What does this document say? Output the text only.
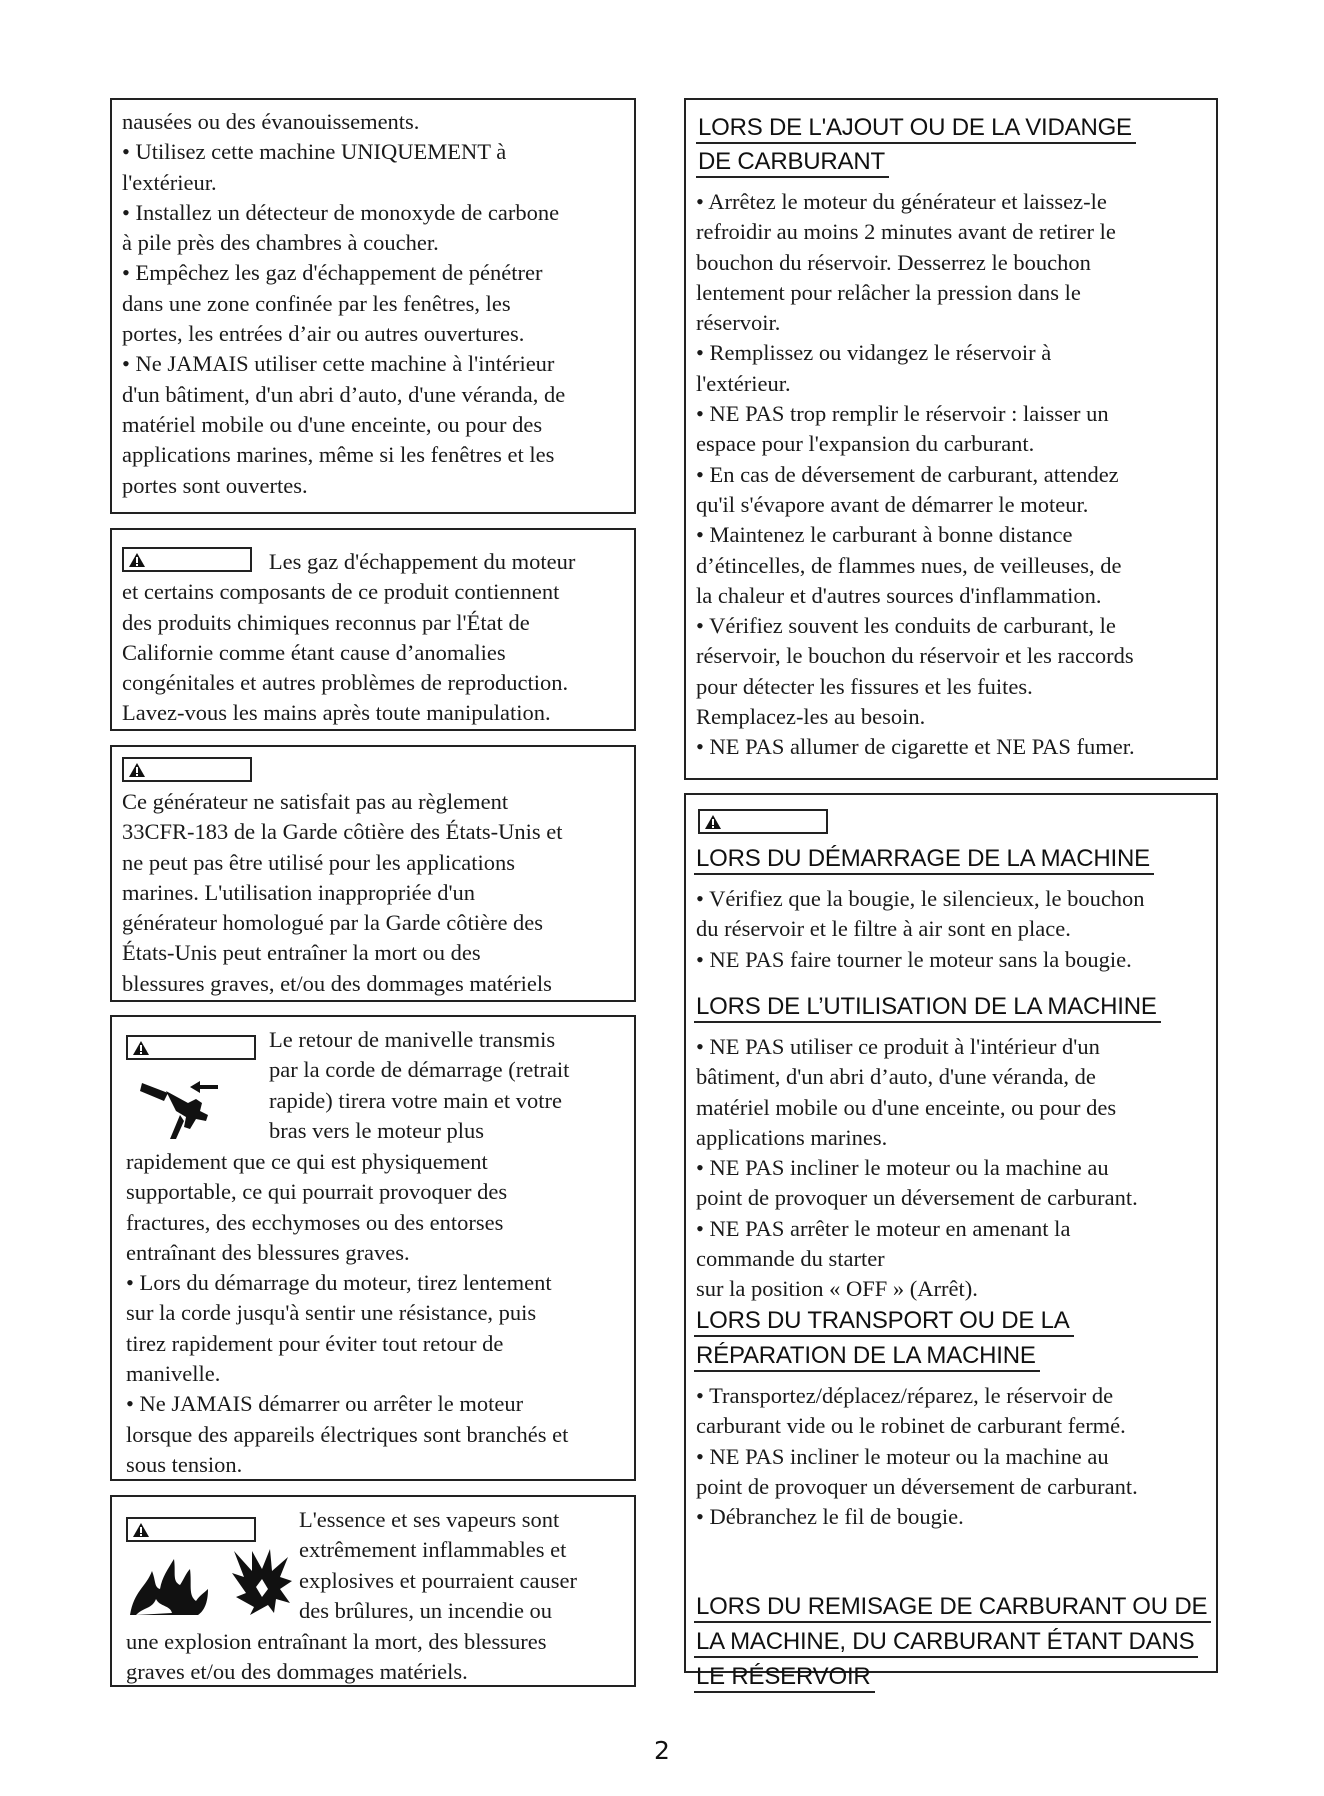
nausées ou des évanouissements.

• Utilisez cette machine UNIQUEMENT à

l'extérieur.

• Installez un détecteur de monoxyde de carbone

à pile près des chambres à coucher.

• Empêchez les gaz d'échappement de pénétrer

dans une zone confinée par les fenêtres, les

portes, les entrées d’air ou autres ouvertures.

• Ne JAMAIS utiliser cette machine à l'intérieur

d'un bâtiment, d'un abri d’auto, d'une véranda, de

matériel mobile ou d'une enceinte, ou pour des

applications marines, même si les fenêtres et les

portes sont ouvertes.

Les gaz d'échappement du moteur

et certains composants de ce produit contiennent

des produits chimiques reconnus par l'État de

Californie comme étant cause d’anomalies

congénitales et autres problèmes de reproduction.

Lavez-vous les mains après toute manipulation.

Ce générateur ne satisfait pas au règlement

33CFR-183 de la Garde côtière des États-Unis et

ne peut pas être utilisé pour les applications

marines. L'utilisation inappropriée d'un

générateur homologué par la Garde côtière des

États-Unis peut entraîner la mort ou des

blessures graves, et/ou des dommages matériels

Le retour de manivelle transmis

par la corde de démarrage (retrait

rapide) tirera votre main et votre

bras vers le moteur plus

rapidement que ce qui est physiquement

supportable, ce qui pourrait provoquer des

fractures, des ecchymoses ou des entorses

entraînant des blessures graves.

• Lors du démarrage du moteur, tirez lentement

sur la corde jusqu'à sentir une résistance, puis

tirez rapidement pour éviter tout retour de

manivelle.

• Ne JAMAIS démarrer ou arrêter le moteur

lorsque des appareils électriques sont branchés et

sous tension.

L'essence et ses vapeurs sont

extrêmement inflammables et

explosives et pourraient causer

des brûlures, un incendie ou

une explosion entraînant la mort, des blessures

graves et/ou des dommages matériels.

LORS DE L'AJOUT OU DE LA VIDANGE
DE CARBURANT

• Arrêtez le moteur du générateur et laissez-le

refroidir au moins 2 minutes avant de retirer le

bouchon du réservoir. Desserrez le bouchon

lentement pour relâcher la pression dans le

réservoir.

• Remplissez ou vidangez le réservoir à

l'extérieur.

• NE PAS trop remplir le réservoir : laisser un

espace pour l'expansion du carburant.

• En cas de déversement de carburant, attendez

qu'il s'évapore avant de démarrer le moteur.

• Maintenez le carburant à bonne distance

d’étincelles, de flammes nues, de veilleuses, de

la chaleur et d'autres sources d'inflammation.

• Vérifiez souvent les conduits de carburant, le

réservoir, le bouchon du réservoir et les raccords

pour détecter les fissures et les fuites.

Remplacez-les au besoin.

• NE PAS allumer de cigarette et NE PAS fumer.

LORS DU DÉMARRAGE DE LA MACHINE

• Vérifiez que la bougie, le silencieux, le bouchon

du réservoir et le filtre à air sont en place.

• NE PAS faire tourner le moteur sans la bougie.

LORS DE L’UTILISATION DE LA MACHINE

• NE PAS utiliser ce produit à l'intérieur d'un

bâtiment, d'un abri d’auto, d'une véranda, de

matériel mobile ou d'une enceinte, ou pour des

applications marines.

• NE PAS incliner le moteur ou la machine au

point de provoquer un déversement de carburant.

• NE PAS arrêter le moteur en amenant la

commande du starter

sur la position « OFF » (Arrêt).

LORS DU TRANSPORT OU DE LA
RÉPARATION DE LA MACHINE

• Transportez/déplacez/réparez, le réservoir de

carburant vide ou le robinet de carburant fermé.

• NE PAS incliner le moteur ou la machine au

point de provoquer un déversement de carburant.

• Débranchez le fil de bougie.

LORS DU REMISAGE DE CARBURANT OU DE
LA MACHINE, DU CARBURANT ÉTANT DANS
LE RÉSERVOIR
2
